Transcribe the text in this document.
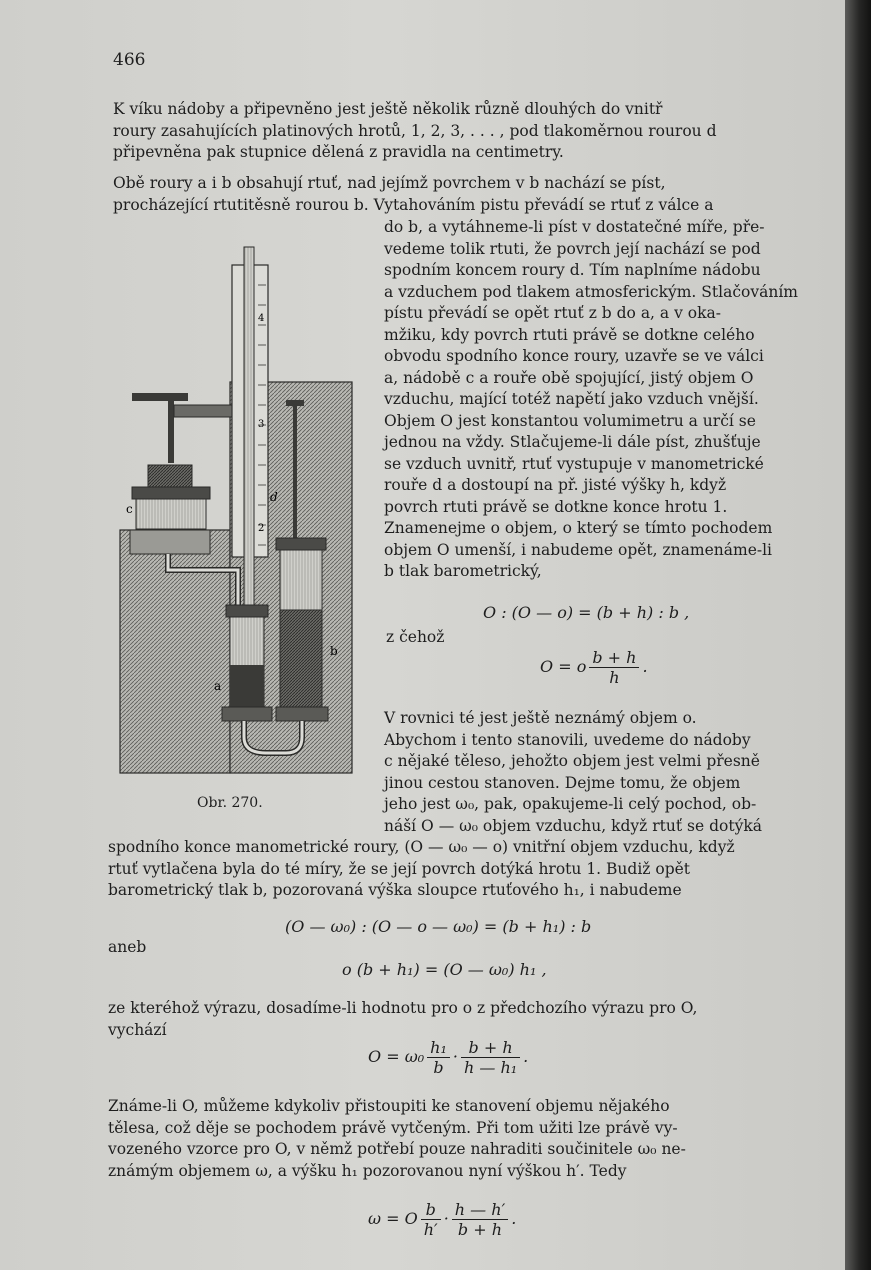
466

K víku nádoby a připevněno jest ještě několik různě dlouhých do vnitř
roury zasahujících platinových hrotů, 1, 2, 3, . . . , pod tlakoměrnou rourou d
připevněna pak stupnice dělená z pravidla na centimetry.

Obě roury a i b obsahují rtuť, nad jejímž povrchem v b nachází se píst,
procházející rtutitěsně rourou b. Vytahováním pistu převádí se rtuť z válce a

do b, a vytáhneme-li píst v dostatečné míře, pře-
vedeme tolik rtuti, že povrch její nachází se pod
spodním koncem roury d. Tím naplníme nádobu
a vzduchem pod tlakem atmosferickým. Stlačováním
pístu převádí se opět rtuť z b do a, a v oka-
mžiku, kdy povrch rtuti právě se dotkne celého
obvodu spodního konce roury, uzavře se ve válci
a, nádobě c a rouře obě spojující, jistý objem O
vzduchu, mající totéž napětí jako vzduch vnější.
Objem O jest konstantou volumimetru a určí se
jednou na vždy. Stlačujeme-li dále píst, zhušťuje
se vzduch uvnitř, rtuť vystupuje v manometrické
rouře d a dostoupí na př. jisté výšky h, když
povrch rtuti právě se dotkne konce hrotu 1.
Znamenejme o objem, o který se tímto pochodem
objem O umenší, i nabudeme opět, znamenáme-li
b tlak barometrický,

O : (O — o) = (b + h) : b ,
z čehož
O = o $\frac{b + h}{h}$ .

V rovnici té jest ještě neznámý objem o.
Abychom i tento stanovili, uvedeme do nádoby
c nějaké těleso, jehožto objem jest velmi přesně
jinou cestou stanoven. Dejme tomu, že objem
jeho jest ω₀, pak, opakujeme-li celý pochod, ob-
náší O — ω₀ objem vzduchu, když rtuť se dotýká

spodního konce manometrické roury, (O — ω₀ — o) vnitřní objem vzduchu, když
rtuť vytlačena byla do té míry, že se její povrch dotýká hrotu 1. Budiž opět
barometrický tlak b, pozorovaná výška sloupce rtuťového h₁, i nabudeme

(O — ω₀) : (O — o — ω₀) = (b + h₁) : b
aneb
o (b + h₁) = (O — ω₀) h₁ ,

ze kteréhož výrazu, dosadíme-li hodnotu pro o z předchozího výrazu pro O,
vychází

$O = \omega_0 \frac{\text{h₁}}{b} \cdot \frac{b + h}{\text{h — h₁}}$ .

Známe-li O, můžeme kdykoliv přistoupiti ke stanovení objemu nějakého
tělesa, což děje se pochodem právě vytčeným. Při tom užiti lze právě vy-
vozeného vzorce pro O, v němž potřebí pouze nahraditi součinitele ω₀ ne-
známým objemem ω, a výšku h₁ pozorovanou nyní výškou h′. Tedy

ω = O $\frac{b}{h'} \cdot \frac{h — h'}{b + h}$ .
c
d
b
a
4
3
2
Obr. 270.
